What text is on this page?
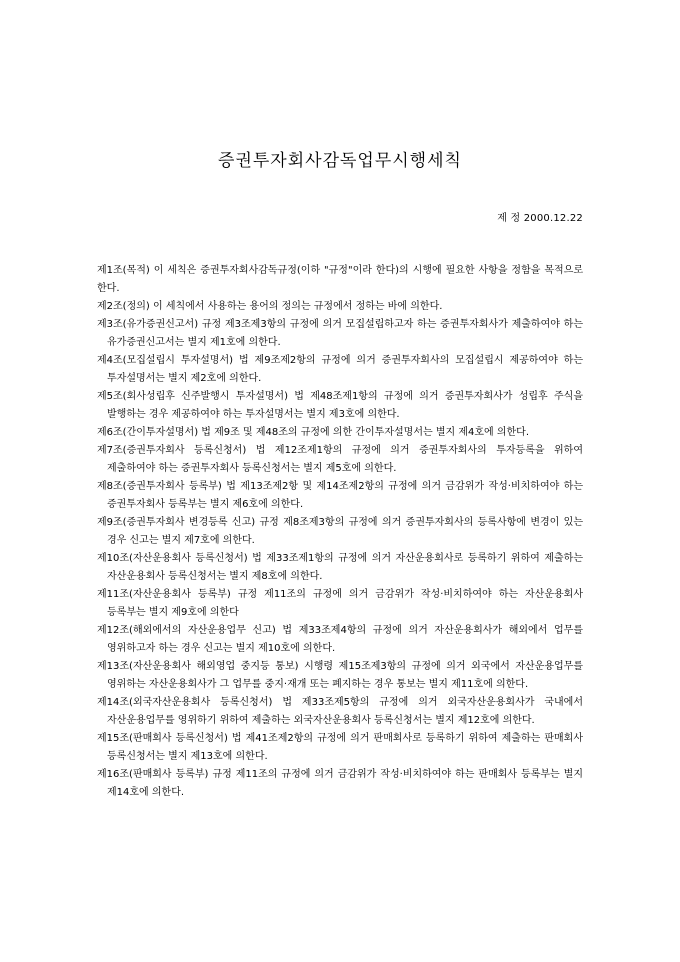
증권투자회사감독업무시행세칙
제 정 2000.12.22

제1조(목적) 이 세칙은 증권투자회사감독규정(이하 "규정"이라 한다)의 시행에 필요한 사항을 정함을 목적으로 한다.

제2조(정의) 이 세칙에서 사용하는 용어의 정의는 규정에서 정하는 바에 의한다.

제3조(유가증권신고서) 규정 제3조제3항의 규정에 의거 모집설립하고자 하는 증권투자회사가 제출하여야 하는 유가증권신고서는 별지 제1호에 의한다.

제4조(모집설립시 투자설명서) 법 제9조제2항의 규정에 의거 증권투자회사의 모집설립시 제공하여야 하는 투자설명서는 별지 제2호에 의한다.

제5조(회사성립후 신주발행시 투자설명서) 법 제48조제1항의 규정에 의거 증권투자회사가 성립후 주식을 발행하는 경우 제공하여야 하는 투자설명서는 별지 제3호에 의한다.

제6조(간이투자설명서) 법 제9조 및 제48조의 규정에 의한 간이투자설명서는 별지 제4호에 의한다.

제7조(증권투자회사 등록신청서) 법 제12조제1항의 규정에 의거 증권투자회사의 투자등록을 위하여 제출하여야 하는 증권투자회사 등록신청서는 별지 제5호에 의한다.

제8조(증권투자회사 등록부) 법 제13조제2항 및 제14조제2항의 규정에 의거 금감위가 작성·비치하여야 하는 증권투자회사 등록부는 별지 제6호에 의한다.

제9조(증권투자회사 변경등록 신고) 규정 제8조제3항의 규정에 의거 증권투자회사의 등록사항에 변경이 있는 경우 신고는 별지 제7호에 의한다.

제10조(자산운용회사 등록신청서) 법 제33조제1항의 규정에 의거 자산운용회사로 등록하기 위하여 제출하는 자산운용회사 등록신청서는 별지 제8호에 의한다.

제11조(자산운용회사 등록부) 규정 제11조의 규정에 의거 금감위가 작성·비치하여야 하는 자산운용회사 등록부는 별지 제9호에 의한다

제12조(해외에서의 자산운용업무 신고) 법 제33조제4항의 규정에 의거 자산운용회사가 해외에서 업무를 영위하고자 하는 경우 신고는 별지 제10호에 의한다.

제13조(자산운용회사 해외영업 중지등 통보) 시행령 제15조제3항의 규정에 의거 외국에서 자산운용업무를 영위하는 자산운용회사가 그 업무를 중지·재개 또는 폐지하는 경우 통보는 별지 제11호에 의한다.

제14조(외국자산운용회사 등록신청서) 법 제33조제5항의 규정에 의거 외국자산운용회사가 국내에서 자산운용업무를 영위하기 위하여 제출하는 외국자산운용회사 등록신청서는 별지 제12호에 의한다.

제15조(판매회사 등록신청서) 법 제41조제2항의 규정에 의거 판매회사로 등록하기 위하여 제출하는 판매회사 등록신청서는 별지 제13호에 의한다.

제16조(판매회사 등록부) 규정 제11조의 규정에 의거 금감위가 작성·비치하여야 하는 판매회사 등록부는 별지 제14호에 의한다.
